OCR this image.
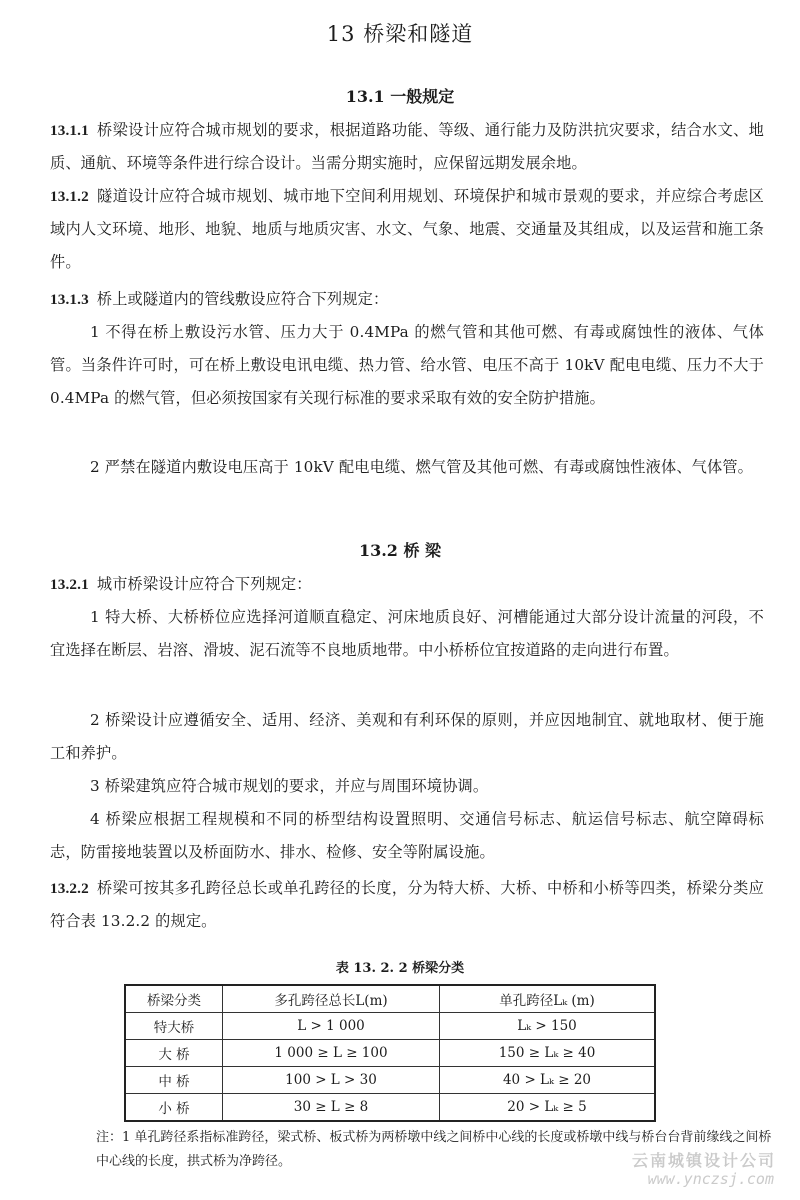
13 桥梁和隧道
13.1 一般规定

13.1.1 桥梁设计应符合城市规划的要求，根据道路功能、等级、通行能力及防洪抗灾要求，结合水文、地质、通航、环境等条件进行综合设计。当需分期实施时，应保留远期发展余地。

13.1.2 隧道设计应符合城市规划、城市地下空间利用规划、环境保护和城市景观的要求，并应综合考虑区域内人文环境、地形、地貌、地质与地质灾害、水文、气象、地震、交通量及其组成，以及运营和施工条件。

13.1.3 桥上或隧道内的管线敷设应符合下列规定：

1 不得在桥上敷设污水管、压力大于 0.4MPa 的燃气管和其他可燃、有毒或腐蚀性的液体、气体管。当条件许可时，可在桥上敷设电讯电缆、热力管、给水管、电压不高于 10kV 配电电缆、压力不大于 0.4MPa 的燃气管，但必须按国家有关现行标准的要求采取有效的安全防护措施。

2 严禁在隧道内敷设电压高于 10kV 配电电缆、燃气管及其他可燃、有毒或腐蚀性液体、气体管。

13.2 桥 梁

13.2.1 城市桥梁设计应符合下列规定：

1 特大桥、大桥桥位应选择河道顺直稳定、河床地质良好、河槽能通过大部分设计流量的河段，不宜选择在断层、岩溶、滑坡、泥石流等不良地质地带。中小桥桥位宜按道路的走向进行布置。

2 桥梁设计应遵循安全、适用、经济、美观和有利环保的原则，并应因地制宜、就地取材、便于施工和养护。

3 桥梁建筑应符合城市规划的要求，并应与周围环境协调。

4 桥梁应根据工程规模和不同的桥型结构设置照明、交通信号标志、航运信号标志、航空障碍标志，防雷接地装置以及桥面防水、排水、检修、安全等附属设施。

13.2.2 桥梁可按其多孔跨径总长或单孔跨径的长度，分为特大桥、大桥、中桥和小桥等四类，桥梁分类应符合表 13.2.2 的规定。

表 13. 2. 2 桥梁分类
桥梁分类	多孔跨径总长L(m)	单孔跨径Lₖ (m)
特大桥	L > 1 000	Lₖ > 150
大 桥	1 000 ≥ L ≥ 100	150 ≥ Lₖ ≥ 40
中 桥	100 > L > 30	40 > Lₖ ≥ 20
小 桥	30 ≥ L ≥ 8	20 > Lₖ ≥ 5

注：1 单孔跨径系指标准跨径，梁式桥、板式桥为两桥墩中线之间桥中心线的长度或桥墩中线与桥台台背前缘线之间桥中心线的长度，拱式桥为净跨径。	云南城镇设计公司
www.ynczsj.com
